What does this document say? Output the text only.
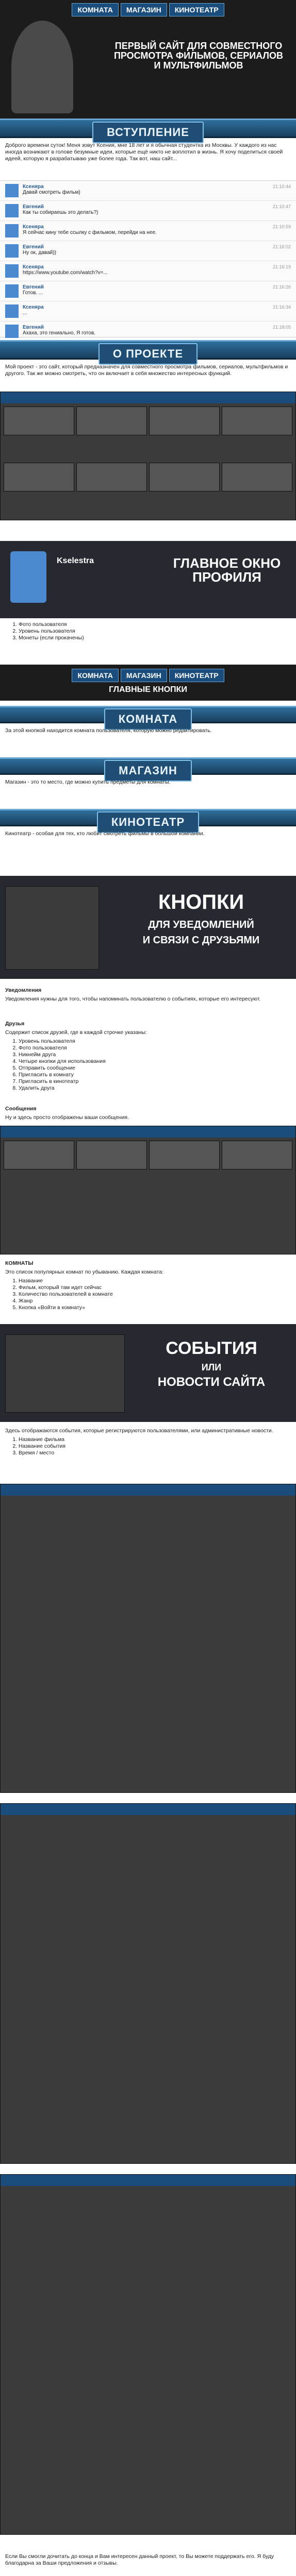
КОМНАТА	МАГАЗИН	КИНОТЕАТР
ПЕРВЫЙ САЙТ ДЛЯ СОВМЕСТНОГО ПРОСМОТРА ФИЛЬМОВ, СЕРИАЛОВ И МУЛЬТФИЛЬМОВ
ВСТУПЛЕНИЕ

Доброго времени суток! Меня зовут Ксения, мне 18 лет и я обычная студентка из Москвы. У каждого из нас иногда возникают в голове безумные идеи, которые ещё никто не воплотил в жизнь. Я хочу поделиться своей идеей, которую я разрабатываю уже более года. Так вот, наш сайт...

Ксеняра
Давай смотреть фильм)
21:10:44
Евгений
Как ты собираешь это делать?)
21:10:47
Ксеняра
Я сейчас кину тебе ссылку с фильмом, перейди на нее.
21:10:59
Евгений
Ну ок, давай))
21:16:02
Ксеняра
https://www.youtube.com/watch?v=...
21:16:19
Евгений
Готов. ...
21:16:26
Ксеняра
...
21:16:34
Евгений
Ахаха, это гениально, Я готов.
21:18:05
О ПРОЕКТЕ

Мой проект - это сайт, который предназначен для совместного просмотра фильмов, сериалов, мультфильмов и другого. Так же можно смотреть, что он включает в себя множество интересных функций.

Kselestra	ГЛАВНОЕ ОКНО ПРОФИЛЯ
1. Фото пользователя
2. Уровень пользователя
3. Монеты (если прокачены)
КОМНАТА	МАГАЗИН	КИНОТЕАТР
ГЛАВНЫЕ КНОПКИ
КОМНАТА

За этой кнопкой находится комната пользователя, которую можно редактировать.

МАГАЗИН

Магазин - это то место, где можно купить предметы для комнаты.

КИНОТЕАТР

Кинотеатр - особая для тех, кто любит смотреть фильмы в большой компании.

КНОПКИ
ДЛЯ УВЕДОМЛЕНИЙ
И СВЯЗИ С ДРУЗЬЯМИ

Уведомления

Уведомления нужны для того, чтобы напоминать пользователю о событиях, которые его интересуют.

Друзья

Содержит список друзей, где в каждой строчке указаны:

1. Уровень пользователя
2. Фото пользователя
3. Никнейм друга
4. Четыре кнопки для использования
5. Отправить сообщение
6. Пригласить в комнату
7. Пригласить в кинотеатр
8. Удалить друга

Сообщения

Ну и здесь просто отображены ваши сообщения.

КОМНАТЫ

Это список популярных комнат по убыванию. Каждая комната:

1. Название
2. Фильм, который там идет сейчас
3. Количество пользователей в комнате
4. Жанр
5. Кнопка «Войти в комнату»
СОБЫТИЯ
ИЛИ
НОВОСТИ САЙТА

Здесь отображаются события, которые регистрируются пользователями, или административные новости.

1. Название фильма
2. Название события
3. Время / место

Если Вы смогли дочитать до конца и Вам интересен данный проект, то Вы можете поддержать его. Я буду благодарна за Ваши предложения и отзывы.
